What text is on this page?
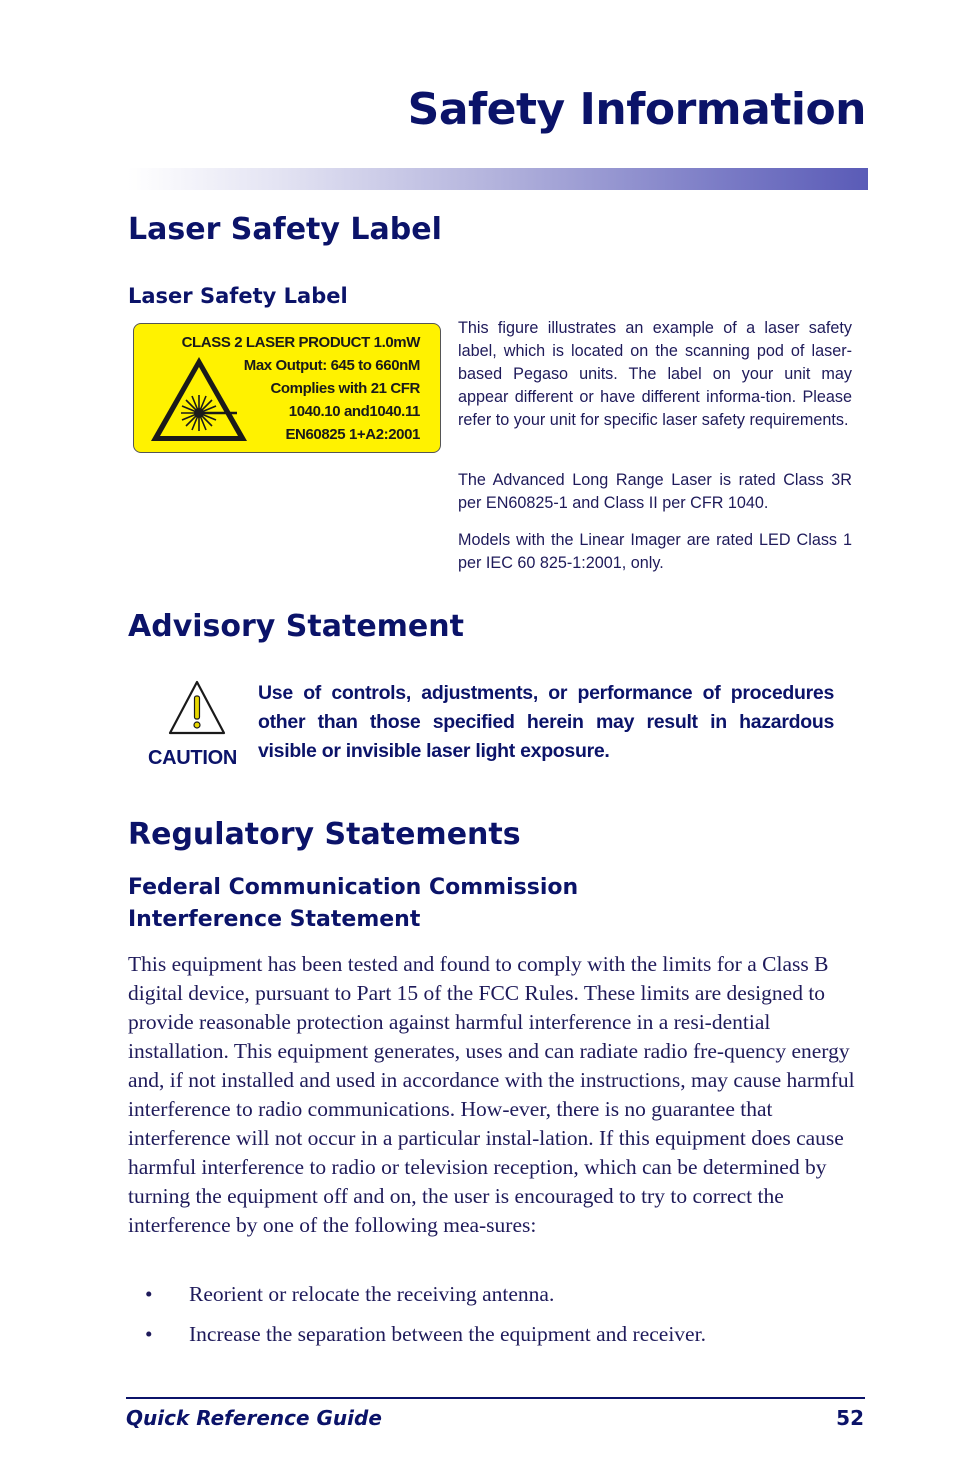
Safety Information
Laser Safety Label
Laser Safety Label
CLASS 2 LASER PRODUCT 1.0mW
Max Output: 645 to 660nM
Complies with 21 CFR
1040.10 and1040.11
EN60825 1+A2:2001

This figure illustrates an example of a laser safety label, which is located on the scanning pod of laser-based Pegaso units. The label on your unit may appear different or have different informa-tion. Please refer to your unit for specific laser safety requirements.

The Advanced Long Range Laser is rated Class 3R per EN60825-1 and Class II per CFR 1040.

Models with the Linear Imager are rated LED Class 1 per IEC 60 825-1:2001, only.

Advisory Statement

CAUTION

Use of controls, adjustments, or performance of procedures other than those specified herein may result in hazardous visible or invisible laser light exposure.

Regulatory Statements
Federal Communication Commission
Interference Statement

This equipment has been tested and found to comply with the limits for a Class B digital device, pursuant to Part 15 of the FCC Rules. These limits are designed to provide reasonable protection against harmful interference in a resi-dential installation. This equipment generates, uses and can radiate radio fre-quency energy and, if not installed and used in accordance with the instructions, may cause harmful interference to radio communications. How-ever, there is no guarantee that interference will not occur in a particular instal-lation. If this equipment does cause harmful interference to radio or television reception, which can be determined by turning the equipment off and on, the user is encouraged to try to correct the interference by one of the following mea-sures:

• Reorient or relocate the receiving antenna.
• Increase the separation between the equipment and receiver.

Quick Reference Guide	52
